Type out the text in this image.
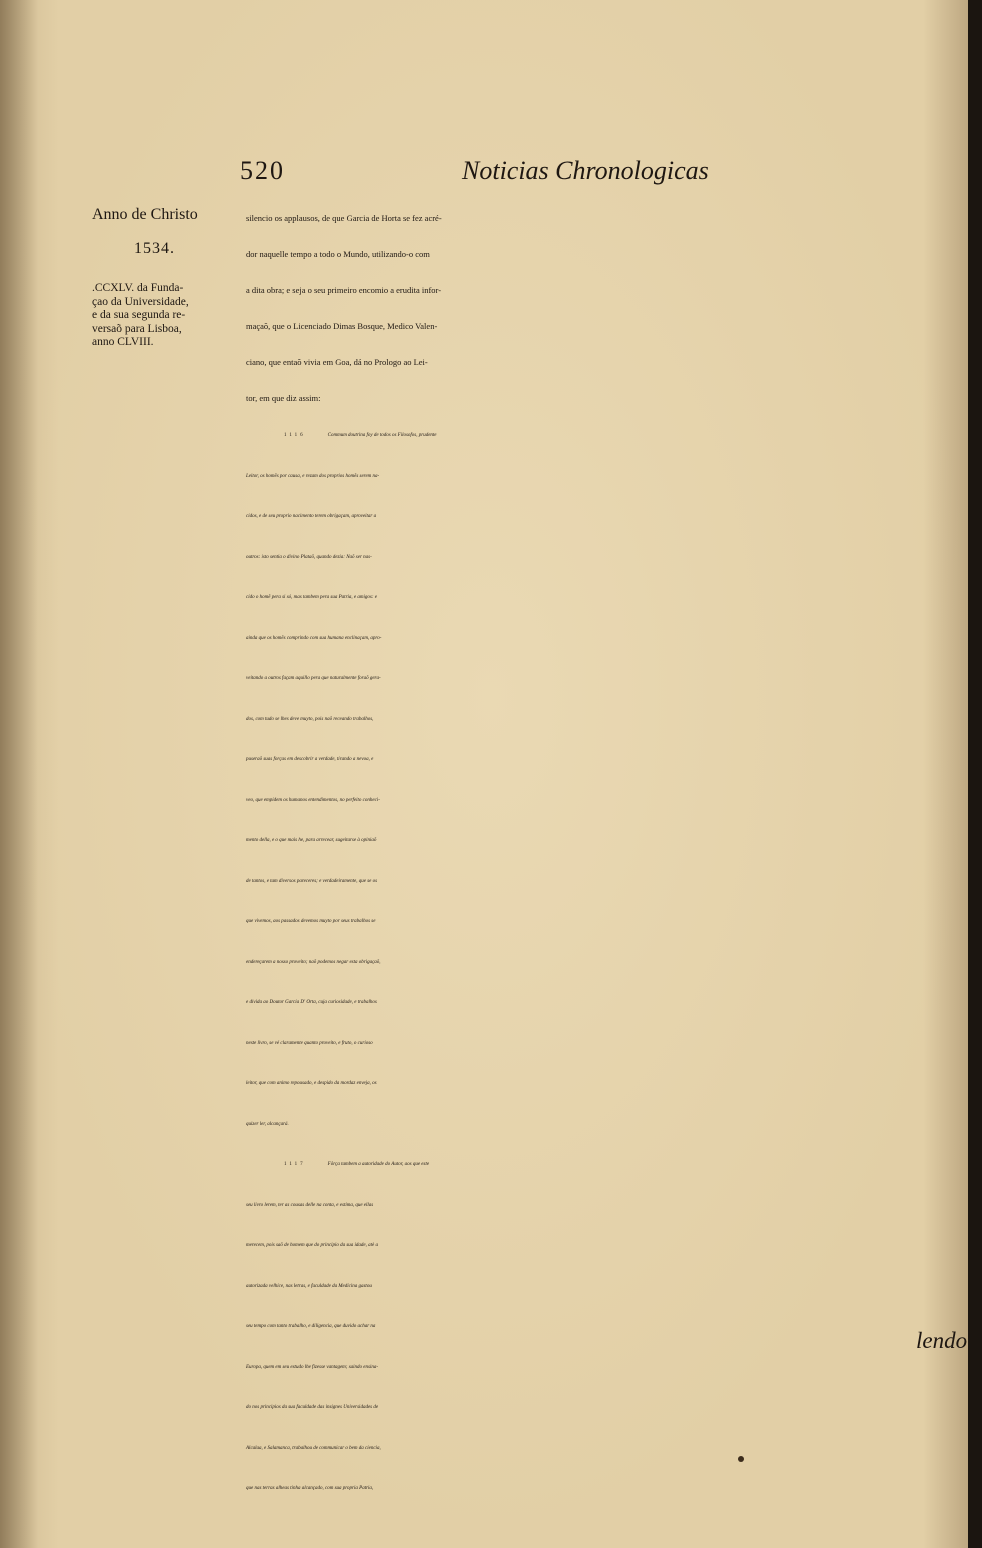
520	Noticias Chronologicas
Anno de Christo
1534.
.CCXLV. da Funda-
çao da Universidade,
e da sua segunda re-
versaõ para Lisboa,
anno CLVIII.
silencio os applausos, de que Garcia de Horta se fez acré-
dor naquelle tempo a todo o Mundo, utilizando-o com
a dita obra; e seja o seu primeiro encomio a erudita infor-
maçaõ, que o Licenciado Dimas Bosque, Medico Valen-
ciano, que entaõ vivia em Goa, dá no Prologo ao Lei-
tor, em que diz assim:
1116	Commum doutrina foy de todos os Filosofos, prudente
Leitor, os homẽs por causa, e rezam dos proprios homẽs serem na-
cidos, e de seu proprio nacimento terem obrigaçam, aproveitar a
outros: isto sentia o divino Plataõ, quando dezia: Naõ ser nas-
cido o homẽ pera si só, mas tambem pera sua Patria, e amigos: e
ainda que os homẽs comprindo com sua humana enclinaçam, apro-
veitando a outros façam aquillo pera que naturalmente foraõ gera-
dos, com tudo se lhes deve muyto, pois naõ receando trabalhos,
puseraõ suas forças em descobrir a verdade, tirando a nevoa, e
veo, que empidem os humanos entendimentos, no perfeito conheci-
mento della, e o que mais he, para arrecear, sugeitarse à opiniaõ
de tantos, e tam diversos pareceres; e verdadeiramente, que se os
que vivemos, aos passados devemos muyto por seus trabalhos se
endereçarem a nosso proveito; naõ podemos negar esta obrigaçaõ,
e divida ao Doutor Garcia D' Orta, cuja curiosidade, e trabalhos
neste livro, se vé claramente quanto proveito, e fruto, o curioso
leitor, que com animo repousado, e despido da mordaz enveja, os
quizer ler, alcançará.
1117	Fôrça tambem a autoridade do Autor, aos que este
seu livro lerem, ter as cousas delle na conta, e estima, que ellas
merecem, pois saõ de homem que do principio da sua idade, atè a
autorizada velhice, nas letras, e faculdade da Medicina gastou
seu tempo com tanto trabalho, e diligencia, que duvido achar na
Europa, quem em seu estudo lhe fizesse vantagem; saindo ensina-
do nos principios da sua faculdade das insignes Universidades de
Alcalaa, e Salamanca, trabalhou de communicar o bem da ciencia,
que nas terras alheas tinha alcançado, com sua propria Patria,
lendo
